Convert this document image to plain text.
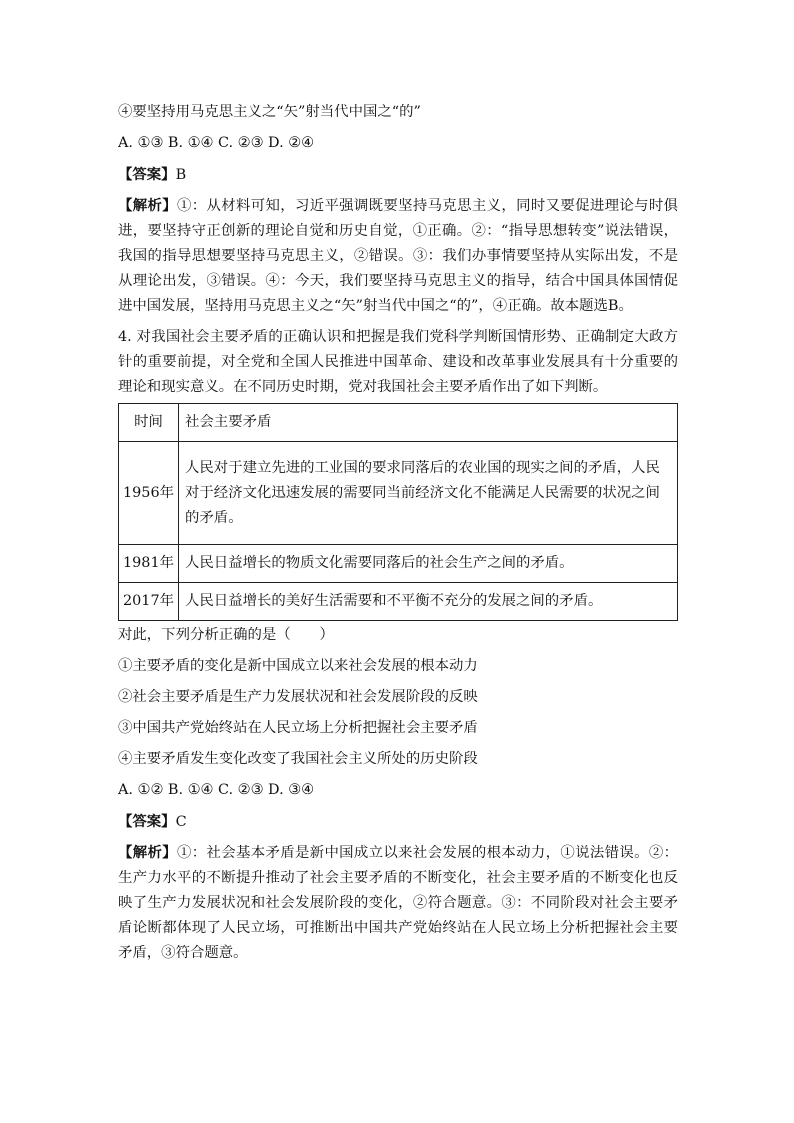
④要坚持用马克思主义之“矢”射当代中国之“的”
A. ①③ B. ①④ C. ②③ D. ②④
【答案】B

【解析】①：从材料可知，习近平强调既要坚持马克思主义，同时又要促进理论与时俱进，要坚持守正创新的理论自觉和历史自觉，①正确。②：“指导思想转变”说法错误，我国的指导思想要坚持马克思主义，②错误。③：我们办事情要坚持从实际出发，不是从理论出发，③错误。④：今天，我们要坚持马克思主义的指导，结合中国具体国情促进中国发展，坚持用马克思主义之“矢”射当代中国之“的”，④正确。故本题选B。

4. 对我国社会主要矛盾的正确认识和把握是我们党科学判断国情形势、正确制定大政方针的重要前提，对全党和全国人民推进中国革命、建设和改革事业发展具有十分重要的理论和现实意义。在不同历史时期，党对我国社会主要矛盾作出了如下判断。

时间	社会主要矛盾
1956年	人民对于建立先进的工业国的要求同落后的农业国的现实之间的矛盾，人民对于经济文化迅速发展的需要同当前经济文化不能满足人民需要的状况之间的矛盾。
1981年	人民日益增长的物质文化需要同落后的社会生产之间的矛盾。
2017年	人民日益增长的美好生活需要和不平衡不充分的发展之间的矛盾。
对此，下列分析正确的是（　　）
①主要矛盾的变化是新中国成立以来社会发展的根本动力
②社会主要矛盾是生产力发展状况和社会发展阶段的反映
③中国共产党始终站在人民立场上分析把握社会主要矛盾
④主要矛盾发生变化改变了我国社会主义所处的历史阶段
A. ①② B. ①④ C. ②③ D. ③④
【答案】C

【解析】①：社会基本矛盾是新中国成立以来社会发展的根本动力，①说法错误。②：生产力水平的不断提升推动了社会主要矛盾的不断变化，社会主要矛盾的不断变化也反映了生产力发展状况和社会发展阶段的变化，②符合题意。③：不同阶段对社会主要矛盾论断都体现了人民立场，可推断出中国共产党始终站在人民立场上分析把握社会主要矛盾，③符合题意。
